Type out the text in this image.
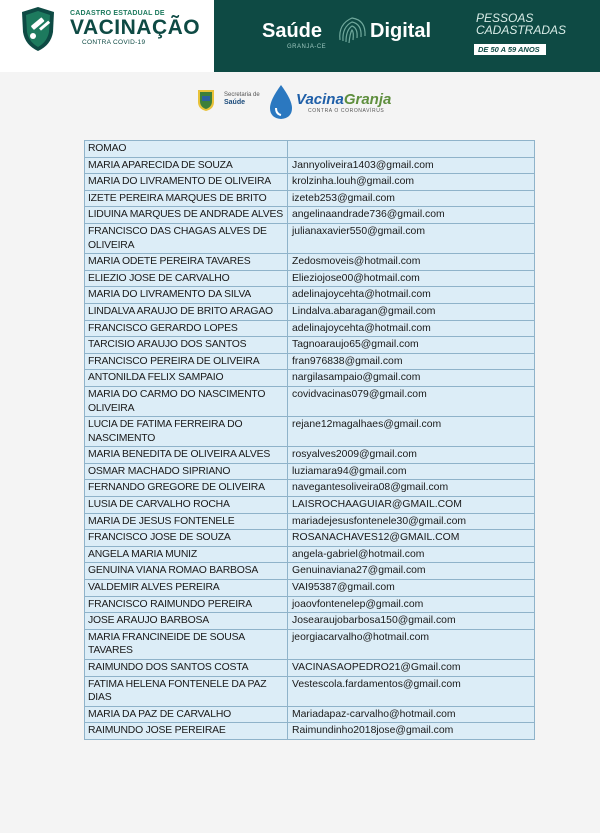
CADASTRO ESTADUAL DE
VACINAÇÃO
CONTRA COVID-19
Saúde Digital
GRANJA-CE
PESSOAS
CADASTRADAS
DE 50 A 59 ANOS
Secretaria de
Saúde	VacinaGranja
CONTRA O CORONAVÍRUS
ROMAO	
MARIA APARECIDA DE SOUZA	Jannyoliveira1403@gmail.com
MARIA DO LIVRAMENTO DE OLIVEIRA	krolzinha.louh@gmail.com
IZETE PEREIRA MARQUES DE BRITO	izeteb253@gmail.com
LIDUINA MARQUES DE ANDRADE ALVES	angelinaandrade736@gmail.com
FRANCISCO DAS CHAGAS ALVES DE OLIVEIRA	julianaxavier550@gmail.com
MARIA ODETE PEREIRA TAVARES	Zedosmoveis@hotmail.com
ELIEZIO JOSE DE CARVALHO	Elieziojose00@hotmail.com
MARIA DO LIVRAMENTO DA SILVA	adelinajoycehta@hotmail.com
LINDALVA ARAUJO DE BRITO ARAGAO	Lindalva.abaragan@gmail.com
FRANCISCO GERARDO LOPES	adelinajoycehta@hotmail.com
TARCISIO ARAUJO DOS SANTOS	Tagnoaraujo65@gmail.com
FRANCISCO PEREIRA DE OLIVEIRA	fran976838@gmail.com
ANTONILDA FELIX SAMPAIO	nargilasampaio@gmail.com
MARIA DO CARMO DO NASCIMENTO OLIVEIRA	covidvacinas079@gmail.com
LUCIA DE FATIMA FERREIRA DO NASCIMENTO	rejane12magalhaes@gmail.com
MARIA BENEDITA DE OLIVEIRA ALVES	rosyalves2009@gmail.com
OSMAR MACHADO SIPRIANO	luziamara94@gmail.com
FERNANDO GREGORE DE OLIVEIRA	navegantesoliveira08@gmail.com
LUSIA DE CARVALHO ROCHA	LAISROCHAAGUIAR@GMAIL.COM
MARIA DE JESUS FONTENELE	mariadejesusfontenele30@gmail.com
FRANCISCO JOSE DE SOUZA	ROSANACHAVES12@GMAIL.COM
ANGELA MARIA MUNIZ	angela-gabriel@hotmail.com
GENUINA VIANA ROMAO BARBOSA	Genuinaviana27@gmail.com
VALDEMIR ALVES PEREIRA	VAI95387@gmail.com
FRANCISCO RAIMUNDO PEREIRA	joaovfontenelep@gmail.com
JOSE ARAUJO BARBOSA	Josearaujobarbosa150@gmail.com
MARIA FRANCINEIDE DE SOUSA TAVARES	jeorgiacarvalho@hotmail.com
RAIMUNDO DOS SANTOS COSTA	VACINASAOPEDRO21@Gmail.com
FATIMA HELENA FONTENELE DA PAZ DIAS	Vestescola.fardamentos@gmail.com
MARIA DA PAZ DE CARVALHO	Mariadapaz-carvalho@hotmail.com
RAIMUNDO JOSE PEREIRAE	Raimundinho2018jose@gmail.com
